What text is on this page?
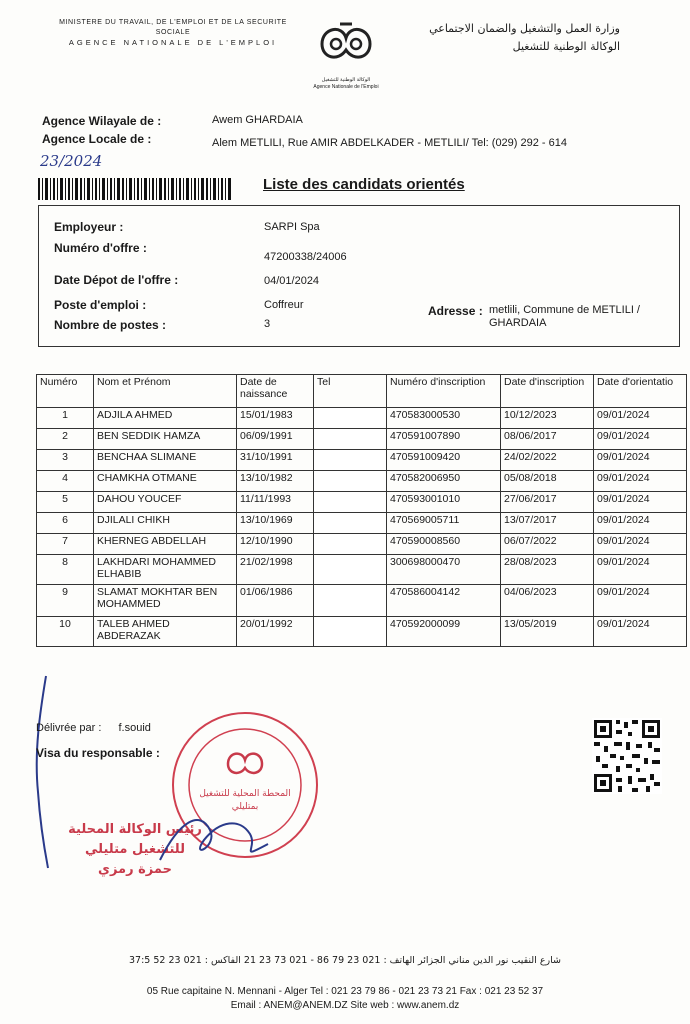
MINISTERE DU TRAVAIL, DE L'EMPLOI ET DE LA SECURITE SOCIALE
AGENCE NATIONALE DE L'EMPLOI
الوكالة الوطنية للتشغيل
Agence Nationale de l'Emploi
وزارة العمل والتشغيل والضمان الاجتماعي
الوكالة الوطنية للتشغيل
Agence Wilayale de :	Awem GHARDAIA
Agence Locale de :	Alem METLILI, Rue AMIR ABDELKADER - METLILI/ Tel: (029) 292 - 614
23/2024
Liste des candidats orientés
Employeur :	SARPI Spa
Numéro d'offre :
47200338/24006
Date Dépot de l'offre :	04/01/2024
Poste d'emploi :	Coffreur
Nombre de postes :	3
Adresse : metlili, Commune de METLILI / GHARDAIA
Numéro	Nom et Prénom	Date de naissance	Tel	Numéro d'inscription	Date d'inscription	Date d'orientatio
1	ADJILA AHMED	15/01/1983		470583000530	10/12/2023	09/01/2024
2	BEN SEDDIK HAMZA	06/09/1991		470591007890	08/06/2017	09/01/2024
3	BENCHAA SLIMANE	31/10/1991		470591009420	24/02/2022	09/01/2024
4	CHAMKHA OTMANE	13/10/1982		470582006950	05/08/2018	09/01/2024
5	DAHOU YOUCEF	11/11/1993		470593001010	27/06/2017	09/01/2024
6	DJILALI CHIKH	13/10/1969		470569005711	13/07/2017	09/01/2024
7	KHERNEG ABDELLAH	12/10/1990		470590008560	06/07/2022	09/01/2024
8	LAKHDARI MOHAMMED ELHABIB	21/02/1998		300698000470	28/08/2023	09/01/2024
9	SLAMAT MOKHTAR BEN MOHAMMED	01/06/1986		470586004142	04/06/2023	09/01/2024
10	TALEB AHMED ABDERAZAK	20/01/1992		470592000099	13/05/2019	09/01/2024
Délivrée par : f.souid
Visa du responsable :
المحطة المحلية للتشغيل
بمتليلي
رئيس الوكالة المحلية
للتشغيل متليلي
حمزة رمزي
شارع النقيب نور الدين مناني الجزائر الهاتف : 021 23 79 86 - 021 73 23 21 الفاكس : 021 23 52 37:5
05 Rue capitaine N. Mennani - Alger Tel : 021 23 79 86 - 021 23 73 21 Fax : 021 23 52 37
Email : ANEM@ANEM.DZ Site web : www.anem.dz
